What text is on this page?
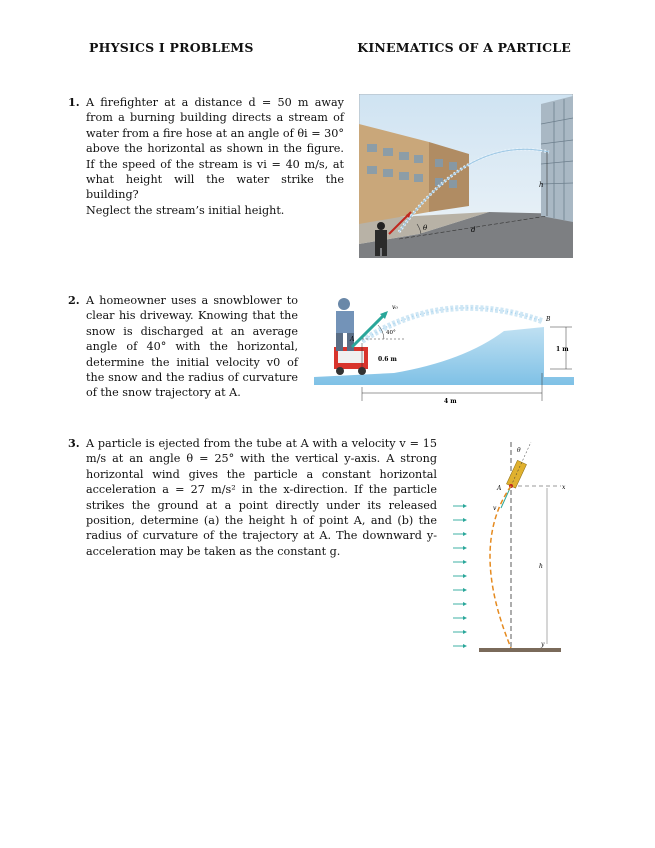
PHYSICS I PROBLEMS	KINEMATICS OF A PARTICLE
1. A firefighter at a distance d = 50 m away from a burning building directs a stream of water from a fire hose at an angle of θi = 30° above the horizontal as shown in the figure. If the speed of the stream is vi = 40 m/s, at what height will the water strike the building?

Neglect the stream’s initial height.

θ	d
h
2. A homeowner uses a snowblower to clear his driveway. Knowing that the snow is discharged at an average angle of 40° with the horizontal, determine the initial velocity v0 of the snow and the radius of curvature of the snow trajectory at A.

40°
v₀
A
B
0.6 m
1 m
4 m
3. A particle is ejected from the tube at A with a velocity v = 15 m/s at an angle θ = 25° with the vertical y-axis. A strong horizontal wind gives the particle a constant horizontal acceleration a = 27 m/s² in the x-direction. If the particle strikes the ground at a point directly under its released position, determine (a) the height h of point A, and (b) the radius of curvature of the trajectory at A. The downward y-acceleration may be taken as the constant g.

x
θ
A
v
h
y
